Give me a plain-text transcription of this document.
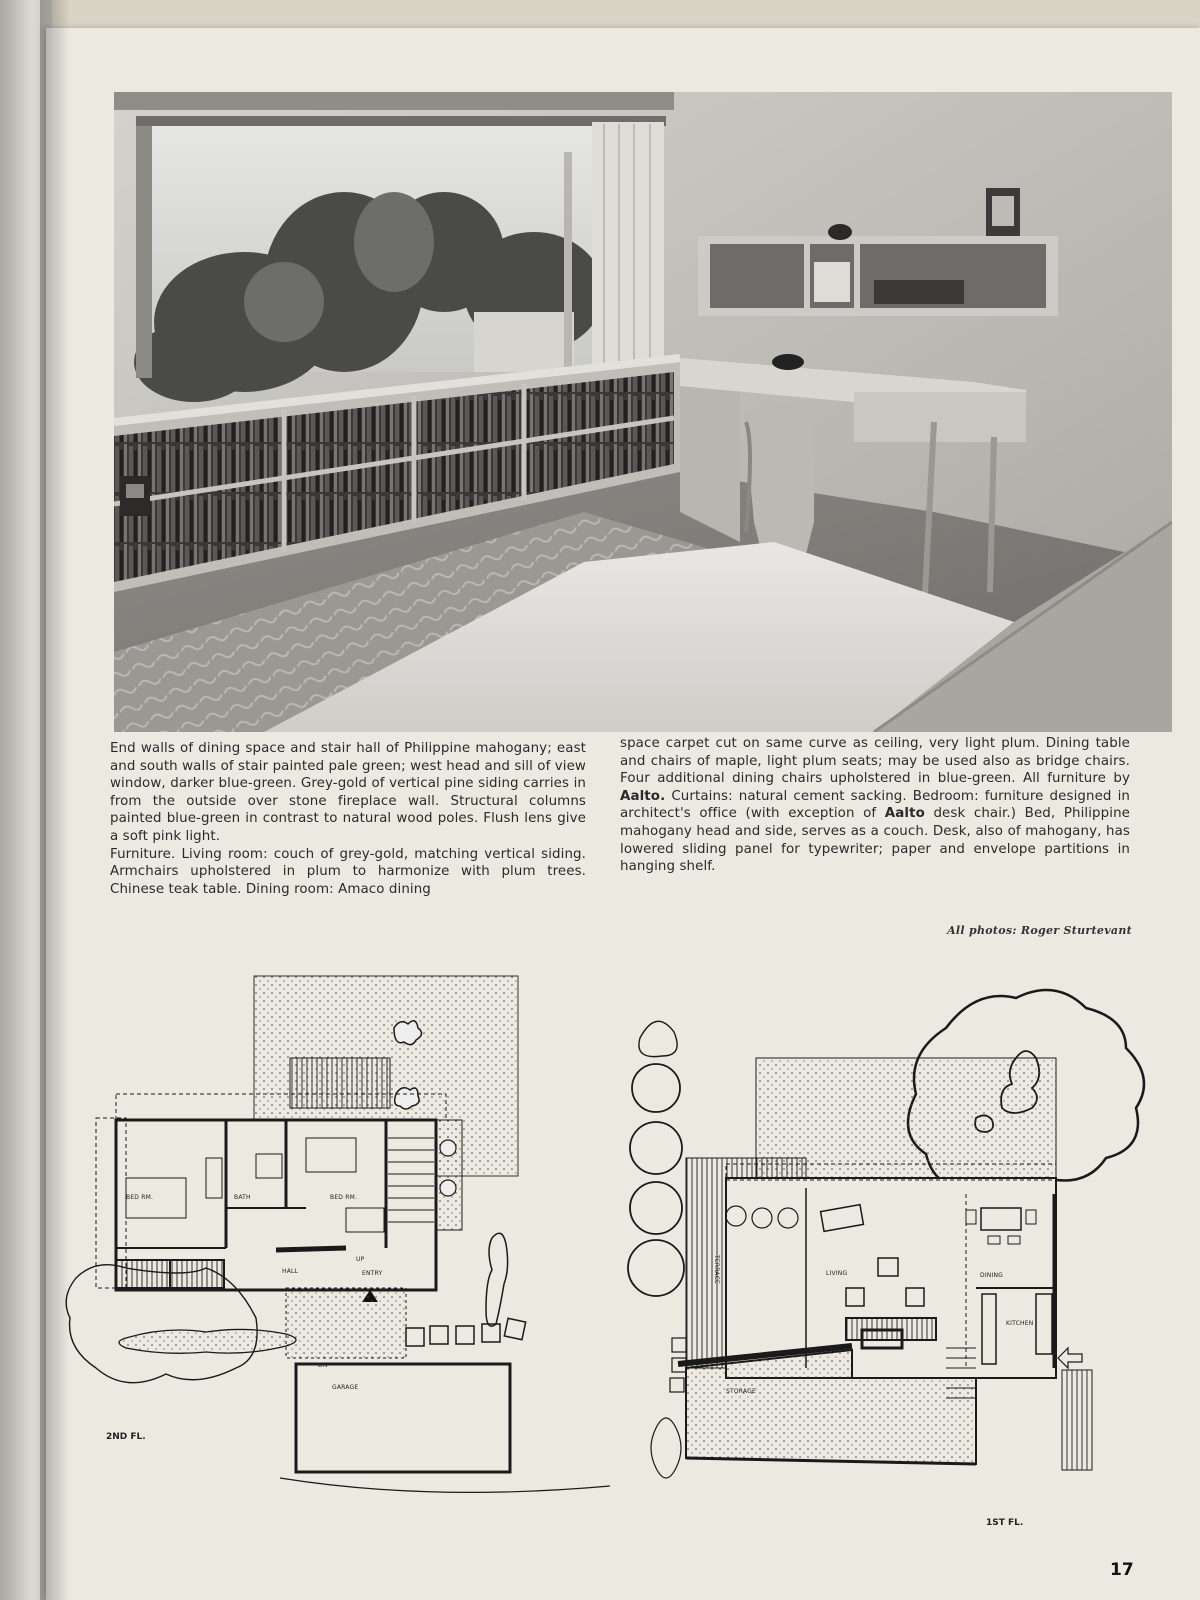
End walls of dining space and stair hall of Philippine mahogany; east and south walls of stair painted pale green; west head and sill of view window, darker blue-green. Grey-gold of vertical pine siding carries in from the outside over stone fireplace wall. Structural columns painted blue-green in contrast to natural wood poles. Flush lens give a soft pink light.

Furniture. Living room: couch of grey-gold, matching vertical siding. Armchairs upholstered in plum to harmonize with plum trees. Chinese teak table. Dining room: Amaco dining

space carpet cut on same curve as ceiling, very light plum. Dining table and chairs of maple, light plum seats; may be used also as bridge chairs. Four additional dining chairs upholstered in blue-green. All furniture by Aalto. Curtains: natural cement sacking. Bedroom: furniture designed in architect's office (with exception of Aalto desk chair.) Bed, Philippine mahogany head and side, serves as a couch. Desk, also of mahogany, has lowered sliding panel for typewriter; paper and envelope partitions in hanging shelf.

All photos: Roger Sturtevant
BED RM.	BATH	BED RM.
HALL	ENTRY
UP
DN
GARAGE
2ND FL.
TERRACE	LIVING	DINING
KITCHEN
STORAGE
1ST FL.
17
